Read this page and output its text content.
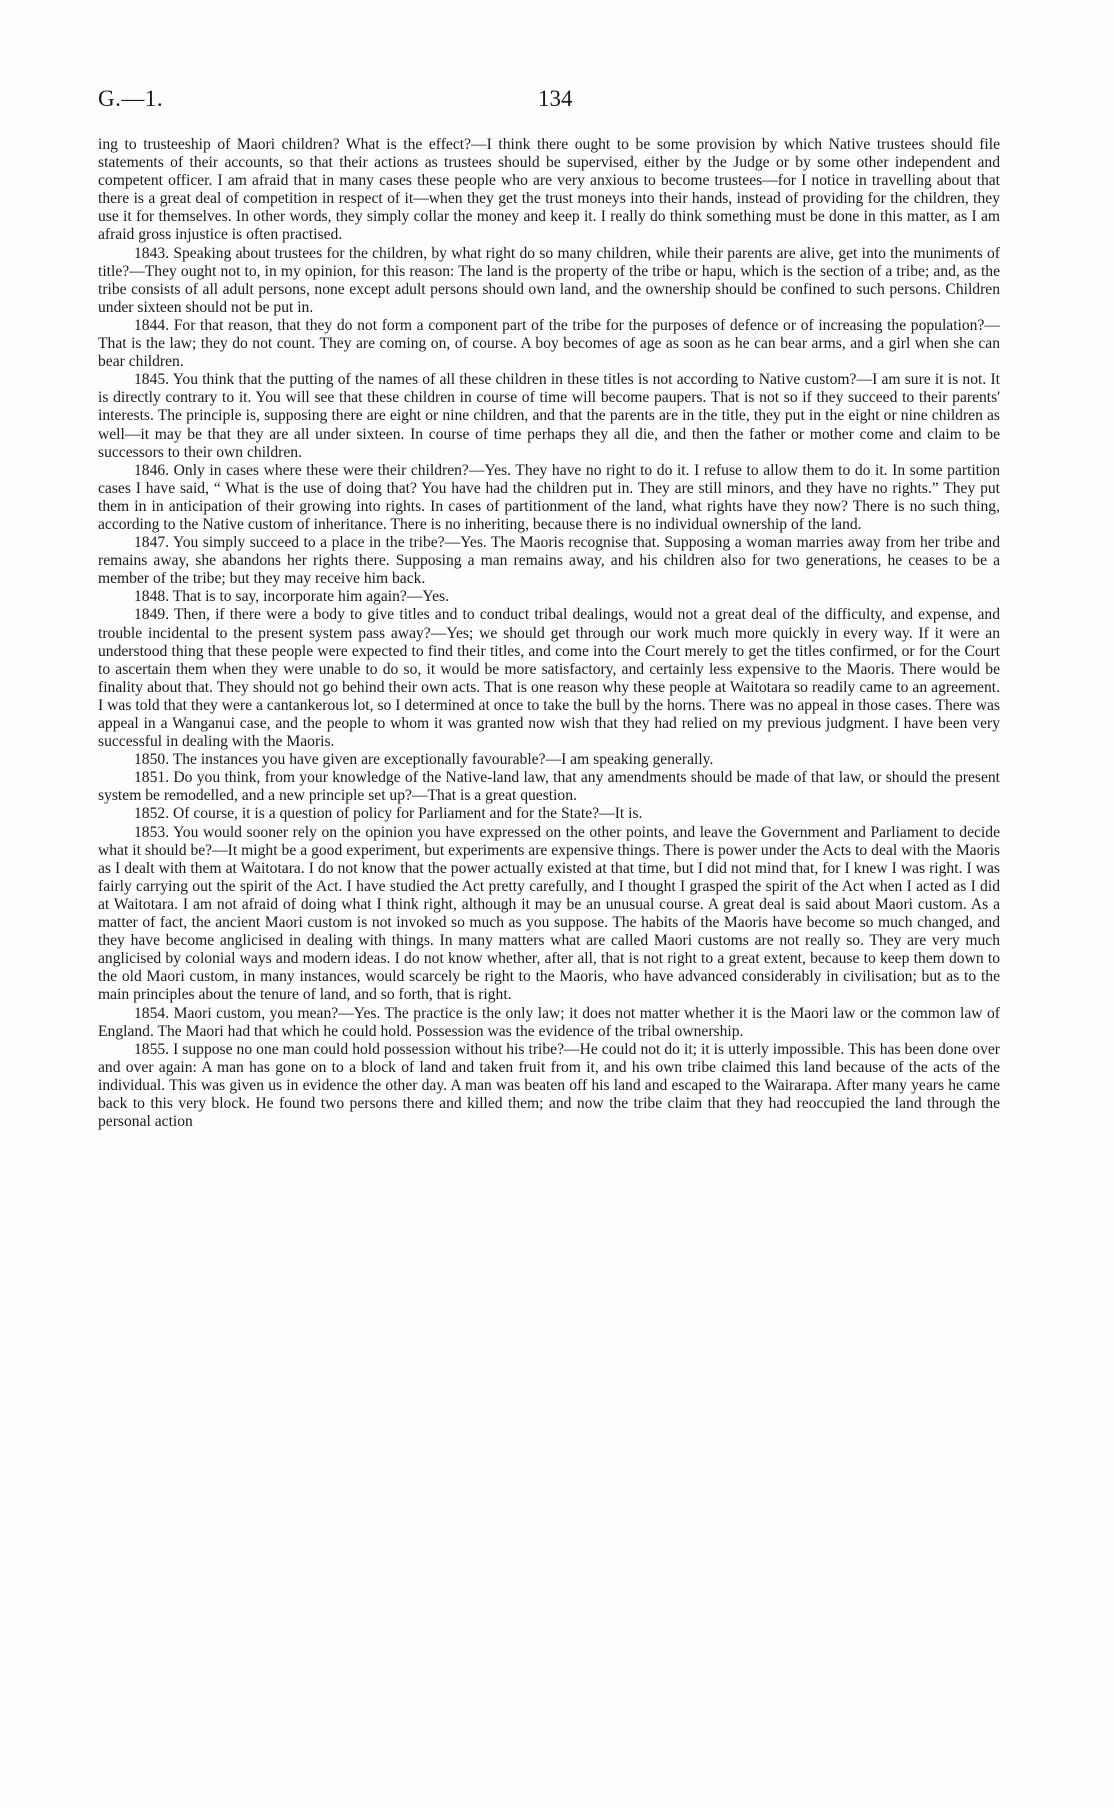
G.—1.	134

ing to trusteeship of Maori children? What is the effect?—I think there ought to be some provision by which Native trustees should file statements of their accounts, so that their actions as trustees should be supervised, either by the Judge or by some other independent and competent officer. I am afraid that in many cases these people who are very anxious to become trustees—for I notice in travelling about that there is a great deal of competition in respect of it—when they get the trust moneys into their hands, instead of providing for the children, they use it for themselves. In other words, they simply collar the money and keep it. I really do think something must be done in this matter, as I am afraid gross injustice is often practised.

1843. Speaking about trustees for the children, by what right do so many children, while their parents are alive, get into the muniments of title?—They ought not to, in my opinion, for this reason: The land is the property of the tribe or hapu, which is the section of a tribe; and, as the tribe consists of all adult persons, none except adult persons should own land, and the ownership should be confined to such persons. Children under sixteen should not be put in.

1844. For that reason, that they do not form a component part of the tribe for the purposes of defence or of increasing the population?—That is the law; they do not count. They are coming on, of course. A boy becomes of age as soon as he can bear arms, and a girl when she can bear children.

1845. You think that the putting of the names of all these children in these titles is not according to Native custom?—I am sure it is not. It is directly contrary to it. You will see that these children in course of time will become paupers. That is not so if they succeed to their parents' interests. The principle is, supposing there are eight or nine children, and that the parents are in the title, they put in the eight or nine children as well—it may be that they are all under sixteen. In course of time perhaps they all die, and then the father or mother come and claim to be successors to their own children.

1846. Only in cases where these were their children?—Yes. They have no right to do it. I refuse to allow them to do it. In some partition cases I have said, “ What is the use of doing that? You have had the children put in. They are still minors, and they have no rights.” They put them in in anticipation of their growing into rights. In cases of partitionment of the land, what rights have they now? There is no such thing, according to the Native custom of inheritance. There is no inheriting, because there is no individual ownership of the land.

1847. You simply succeed to a place in the tribe?—Yes. The Maoris recognise that. Supposing a woman marries away from her tribe and remains away, she abandons her rights there. Supposing a man remains away, and his children also for two generations, he ceases to be a member of the tribe; but they may receive him back.

1848. That is to say, incorporate him again?—Yes.

1849. Then, if there were a body to give titles and to conduct tribal dealings, would not a great deal of the difficulty, and expense, and trouble incidental to the present system pass away?—Yes; we should get through our work much more quickly in every way. If it were an understood thing that these people were expected to find their titles, and come into the Court merely to get the titles confirmed, or for the Court to ascertain them when they were unable to do so, it would be more satisfactory, and certainly less expensive to the Maoris. There would be finality about that. They should not go behind their own acts. That is one reason why these people at Waitotara so readily came to an agreement. I was told that they were a cantankerous lot, so I determined at once to take the bull by the horns. There was no appeal in those cases. There was appeal in a Wanganui case, and the people to whom it was granted now wish that they had relied on my previous judgment. I have been very successful in dealing with the Maoris.

1850. The instances you have given are exceptionally favourable?—I am speaking generally.

1851. Do you think, from your knowledge of the Native-land law, that any amendments should be made of that law, or should the present system be remodelled, and a new principle set up?—That is a great question.

1852. Of course, it is a question of policy for Parliament and for the State?—It is.

1853. You would sooner rely on the opinion you have expressed on the other points, and leave the Government and Parliament to decide what it should be?—It might be a good experiment, but experiments are expensive things. There is power under the Acts to deal with the Maoris as I dealt with them at Waitotara. I do not know that the power actually existed at that time, but I did not mind that, for I knew I was right. I was fairly carrying out the spirit of the Act. I have studied the Act pretty carefully, and I thought I grasped the spirit of the Act when I acted as I did at Waitotara. I am not afraid of doing what I think right, although it may be an unusual course. A great deal is said about Maori custom. As a matter of fact, the ancient Maori custom is not invoked so much as you suppose. The habits of the Maoris have become so much changed, and they have become anglicised in dealing with things. In many matters what are called Maori customs are not really so. They are very much anglicised by colonial ways and modern ideas. I do not know whether, after all, that is not right to a great extent, because to keep them down to the old Maori custom, in many instances, would scarcely be right to the Maoris, who have advanced considerably in civilisation; but as to the main principles about the tenure of land, and so forth, that is right.

1854. Maori custom, you mean?—Yes. The practice is the only law; it does not matter whether it is the Maori law or the common law of England. The Maori had that which he could hold. Possession was the evidence of the tribal ownership.

1855. I suppose no one man could hold possession without his tribe?—He could not do it; it is utterly impossible. This has been done over and over again: A man has gone on to a block of land and taken fruit from it, and his own tribe claimed this land because of the acts of the individual. This was given us in evidence the other day. A man was beaten off his land and escaped to the Wairarapa. After many years he came back to this very block. He found two persons there and killed them; and now the tribe claim that they had reoccupied the land through the personal action
